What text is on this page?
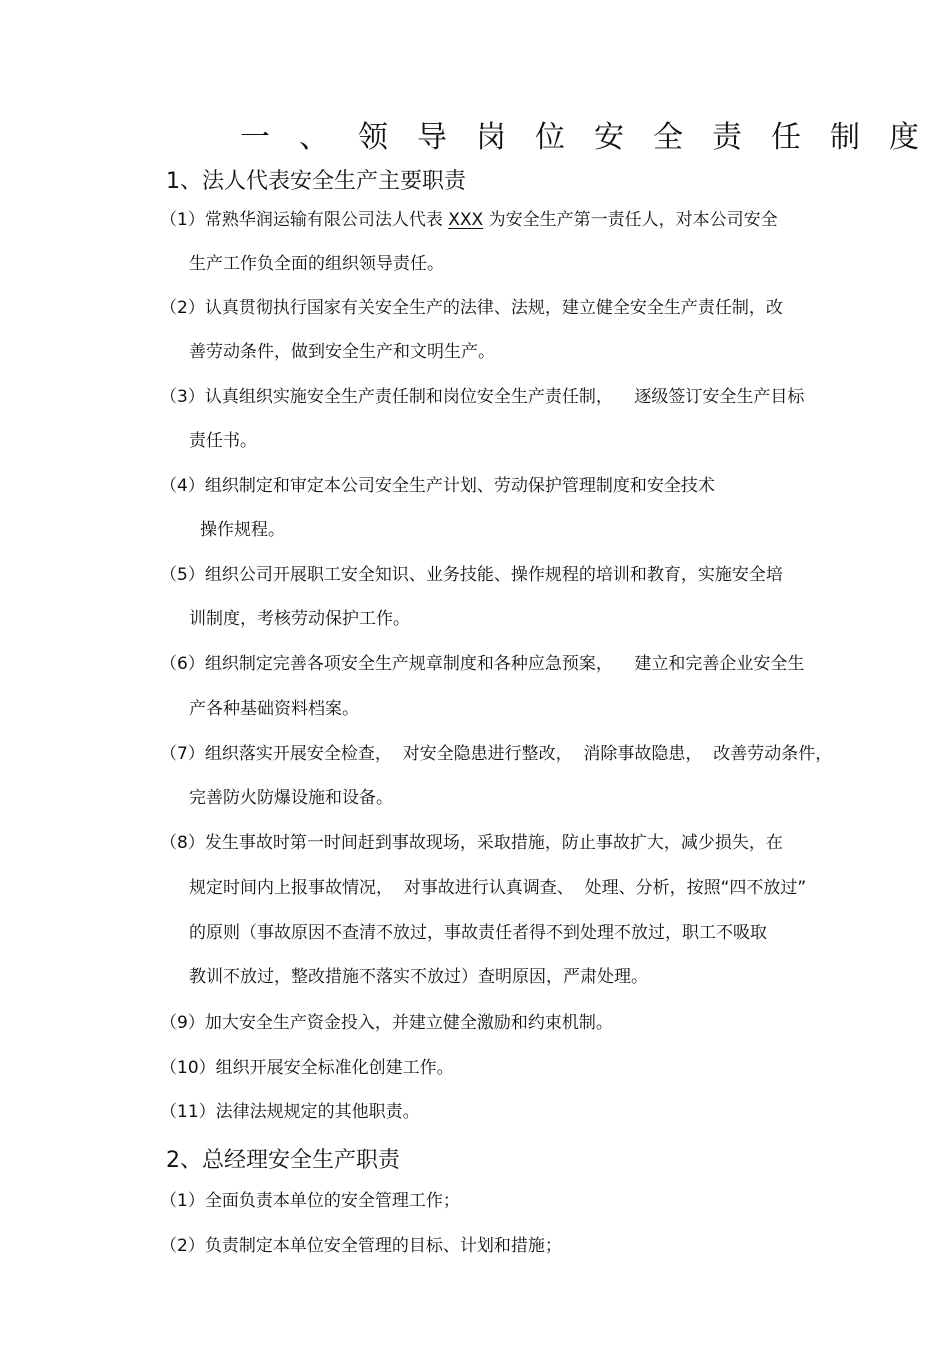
一、领导岗位安全责任制度
1、法人代表安全生产主要职责
（1）常熟华润运输有限公司法人代表 XXX 为安全生产第一责任人，对本公司安全
生产工作负全面的组织领导责任。
（2）认真贯彻执行国家有关安全生产的法律、法规，建立健全安全生产责任制，改
善劳动条件，做到安全生产和文明生产。
（3）认真组织实施安全生产责任制和岗位安全生产责任制，    逐级签订安全生产目标
责任书。
（4）组织制定和审定本公司安全生产计划、劳动保护管理制度和安全技术
操作规程。
（5）组织公司开展职工安全知识、业务技能、操作规程的培训和教育，实施安全培
训制度，考核劳动保护工作。
（6）组织制定完善各项安全生产规章制度和各种应急预案，    建立和完善企业安全生
产各种基础资料档案。
（7）组织落实开展安全检查，  对安全隐患进行整改，  消除事故隐患，  改善劳动条件，
完善防火防爆设施和设备。
（8）发生事故时第一时间赶到事故现场，采取措施，防止事故扩大，减少损失，在
规定时间内上报事故情况，  对事故进行认真调查、  处理、分析，按照“四不放过”
的原则（事故原因不查清不放过，事故责任者得不到处理不放过，职工不吸取
教训不放过，整改措施不落实不放过）查明原因，严肃处理。
（9）加大安全生产资金投入，并建立健全激励和约束机制。
（10）组织开展安全标准化创建工作。
（11）法律法规规定的其他职责。
2、总经理安全生产职责
（1）全面负责本单位的安全管理工作；
（2）负责制定本单位安全管理的目标、计划和措施；
